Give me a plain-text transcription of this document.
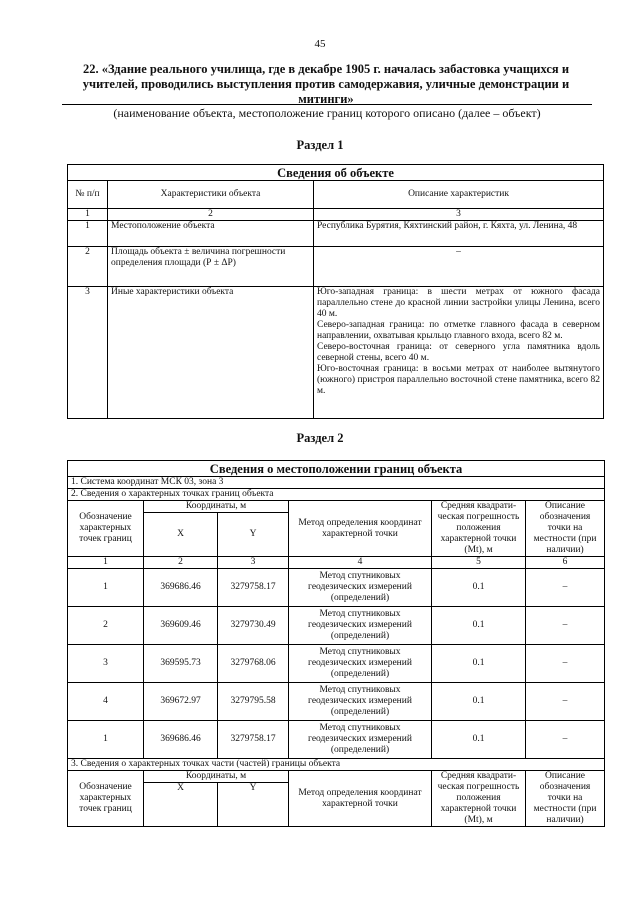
45
22. «Здание реального училища, где в декабре 1905 г. началась забастовка учащихся и учителей, проводились выступления против самодержавия, уличные демонстрации и митинги»
(наименование объекта, местоположение границ которого описано (далее – объект)
Раздел 1
Сведения об объекте		
№ п/п	Характеристики объекта	Описание характеристик
1	2	3
1	Местоположение объекта	Республика Бурятия, Кяхтинский район, г. Кяхта, ул. Ленина, 48
2	Площадь объекта ± величина погрешности определения площади (Р ± ΔР)	–
3	Иные характеристики объекта	Юго-западная граница: в шести метрах от южного фасада параллельно стене до красной линии застройки улицы Ленина, всего 40 м.
Северо-западная граница: по отметке главного фасада в северном направлении, охватывая крыльцо главного входа, всего 82 м.
Северо-восточная граница: от северного угла памятника вдоль северной стены, всего 40 м.
Юго-восточная граница: в восьми метрах от наиболее вытянутого (южного) пристроя параллельно восточной стене памятника, всего 82 м.
Раздел 2
Сведения о местоположении границ объекта					
1. Система координат МСК 03, зона 3					
2. Сведения о характерных точках границ объекта					
Обозначение характерных точек границ	Координаты, м		Метод определения координат характерной точки	Средняя квадрати-ческая погрешность положения характерной точки (Mt), м	Описание обозначения точки на местности (при наличии)
	X	Y			
1	2	3	4	5	6
1	369686.46	3279758.17	Метод спутниковых геодезических измерений (определений)	0.1	–
2	369609.46	3279730.49	Метод спутниковых геодезических измерений (определений)	0.1	–
3	369595.73	3279768.06	Метод спутниковых геодезических измерений (определений)	0.1	–
4	369672.97	3279795.58	Метод спутниковых геодезических измерений (определений)	0.1	–
1	369686.46	3279758.17	Метод спутниковых геодезических измерений (определений)	0.1	–
3. Сведения о характерных точках части (частей) границы объекта					
Обозначение характерных точек границ	Координаты, м		Метод определения координат характерной точки	Средняя квадрати-ческая погрешность положения характерной точки (Mt), м	Описание обозначения точки на местности (при наличии)
	X	Y			
